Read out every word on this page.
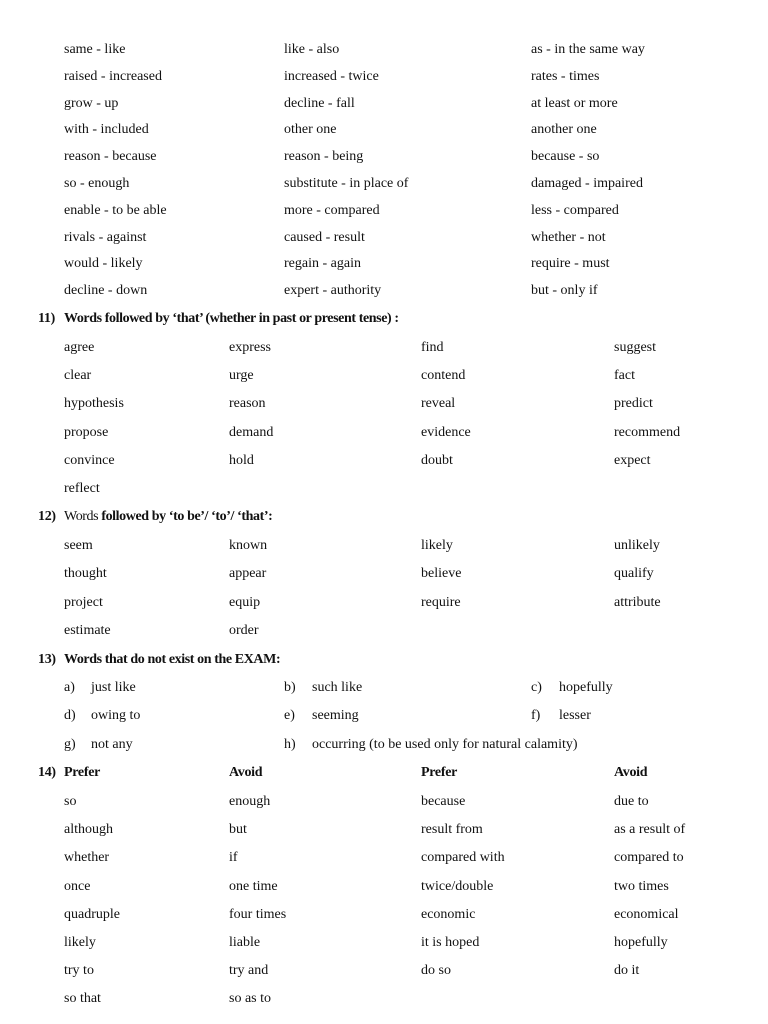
same - like	like - also	as - in the same way
raised - increased	increased - twice	rates - times
grow - up	decline - fall	at least or more
with - included	other one	another one
reason - because	reason - being	because - so
so - enough	substitute - in place of	damaged - impaired
enable - to be able	more - compared	less - compared
rivals - against	caused - result	whether - not
would - likely	regain - again	require - must
decline - down	expert - authority	but - only if
11) Words followed by ‘that’ (whether in past or present tense) :
agree	express	find	suggest
clear	urge	contend	fact
hypothesis	reason	reveal	predict
propose	demand	evidence	recommend
convince	hold	doubt	expect
reflect
12) Words followed by ‘to be’/ ‘to’/ ‘that’:
seem	known	likely	unlikely
thought	appear	believe	qualify
project	equip	require	attribute
estimate	order
13) Words that do not exist on the EXAM:
a) just like	b) such like	c) hopefully
d) owing to	e) seeming	f) lesser
g) not any	h) occurring (to be used only for natural calamity)
14) Prefer	Avoid	Prefer	Avoid
so	enough	because	due to
although	but	result from	as a result of
whether	if	compared with	compared to
once	one time	twice/double	two times
quadruple	four times	economic	economical
likely	liable	it is hoped	hopefully
try to	try and	do so	do it
so that	so as to
